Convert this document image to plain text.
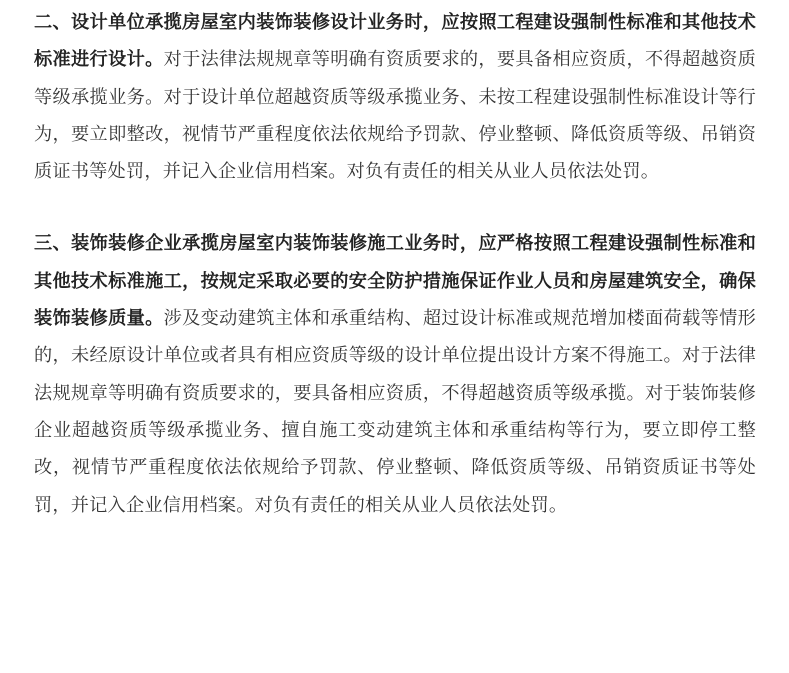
二、设计单位承揽房屋室内装饰装修设计业务时，应按照工程建设强制性标准和其他技术标准进行设计。对于法律法规规章等明确有资质要求的，要具备相应资质，不得超越资质等级承揽业务。对于设计单位超越资质等级承揽业务、未按工程建设强制性标准设计等行为，要立即整改，视情节严重程度依法依规给予罚款、停业整顿、降低资质等级、吊销资质证书等处罚，并记入企业信用档案。对负有责任的相关从业人员依法处罚。

三、装饰装修企业承揽房屋室内装饰装修施工业务时，应严格按照工程建设强制性标准和其他技术标准施工，按规定采取必要的安全防护措施保证作业人员和房屋建筑安全，确保装饰装修质量。涉及变动建筑主体和承重结构、超过设计标准或规范增加楼面荷载等情形的，未经原设计单位或者具有相应资质等级的设计单位提出设计方案不得施工。对于法律法规规章等明确有资质要求的，要具备相应资质，不得超越资质等级承揽。对于装饰装修企业超越资质等级承揽业务、擅自施工变动建筑主体和承重结构等行为，要立即停工整改，视情节严重程度依法依规给予罚款、停业整顿、降低资质等级、吊销资质证书等处罚，并记入企业信用档案。对负有责任的相关从业人员依法处罚。
